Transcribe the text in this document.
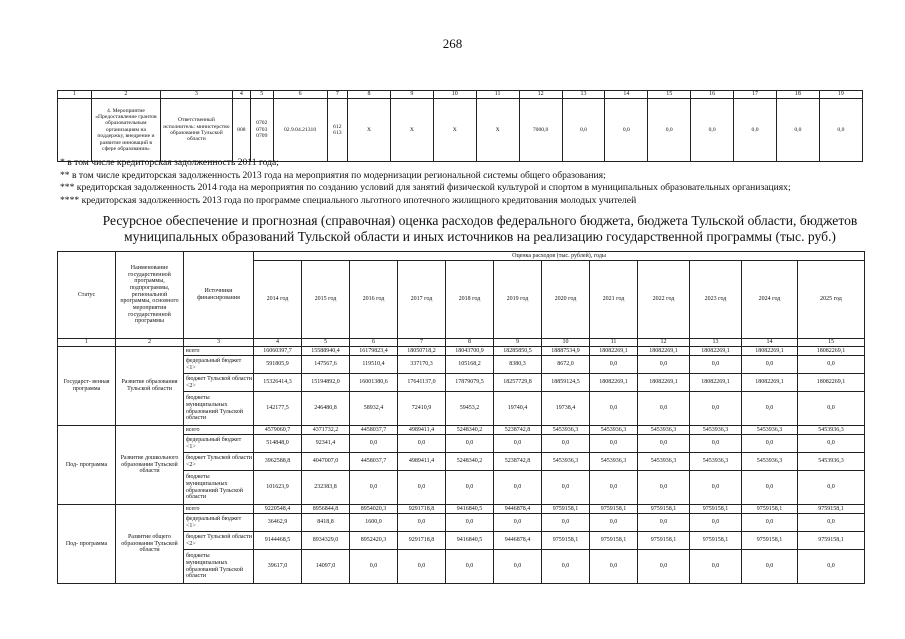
268
1	2	3	4	5	6	7	8	9	10	11	12	13	14	15	16	17	18	19
	4. Мероприятие «Предоставление грантов образовательным организациям на поддержку, внедрение и развитие инноваций в сфере образования»	Ответственный исполнитель: министерство образования Тульской области	808	0702 0703 0709	02.9.04.21310	612 613	X	X	X	X	7000,0	0,0	0,0	0,0	0,0	0,0	0,0	0,0
* в том числе кредиторская задолженность 2011 года;
** в том числе кредиторская задолженность 2013 года на мероприятия по модернизации региональной системы общего образования;
*** кредиторская задолженность 2014 года на мероприятия по созданию условий для занятий физической культурой и спортом в муниципальных образовательных организациях;
**** кредиторская задолженность 2013 года по программе специального льготного ипотечного жилищного кредитования молодых учителей
Ресурсное обеспечение и прогнозная (справочная) оценка расходов федерального бюджета, бюджета Тульской области, бюджетов муниципальных образований Тульской области и иных источников на реализацию государственной программы (тыс. руб.)
Статус	Наименование государственной программы, подпрограммы, региональной программы, основного мероприятия государственной программы	Источники финансирования	Оценка расходов (тыс. рублей), годы											
			2014 год	2015 год	2016 год	2017 год	2018 год	2019 год	2020 год	2021 год	2022 год	2023 год	2024 год	2025 год
1	2	3	4	5	6	7	8	9	10	11	12	13	14	15
Государст- венная программа	Развитие образования Тульской области	всего	16060397,7	15588940,4	16179823,4	18050718,2	18043700,9	18285850,5	18887534,9	18082269,1	18082269,1	18082269,1	18082269,1	18082269,1
		федеральный бюджет <1>	591805,9	147567,6	119510,4	337170,3	105168,2	8380,3	8672,0	0,0	0,0	0,0	0,0	0,0
		бюджет Тульской области <2>	15326414,3	15194892,0	16001380,6	17641137,0	17879079,5	18257729,8	18859124,5	18082269,1	18082269,1	18082269,1	18082269,1	18082269,1
		бюджеты муниципальных образований Тульской области	142177,5	246480,8	58932,4	72410,9	59453,2	19740,4	19738,4	0,0	0,0	0,0	0,0	0,0
Под- программа	Развитие дошкольного образования Тульской области	всего	4579060,7	4371732,2	4458037,7	4989411,4	5248340,2	5238742,8	5453936,3	5453936,3	5453936,3	5453936,3	5453936,3	5453936,3
		федеральный бюджет <1>	514848,0	92341,4	0,0	0,0	0,0	0,0	0,0	0,0	0,0	0,0	0,0	0,0
		бюджет Тульской области <2>	3962588,8	4047007,0	4458037,7	4989411,4	5248340,2	5238742,8	5453936,3	5453936,3	5453936,3	5453936,3	5453936,3	5453936,3
		бюджеты муниципальных образований Тульской области	101623,9	232383,8	0,0	0,0	0,0	0,0	0,0	0,0	0,0	0,0	0,0	0,0
Под- программа	Развитие общего образования Тульской области	всего	9220548,4	8956844,8	8954020,3	9291718,8	9416840,5	9446878,4	9759158,1	9759158,1	9759158,1	9759158,1	9759158,1	9759158,1
		федеральный бюджет <1>	36462,9	8418,8	1600,0	0,0	0,0	0,0	0,0	0,0	0,0	0,0	0,0	0,0
		бюджет Тульской области <2>	9144468,5	8934329,0	8952420,3	9291718,8	9416840,5	9446878,4	9759158,1	9759158,1	9759158,1	9759158,1	9759158,1	9759158,1
		бюджеты муниципальных образований Тульской области	39617,0	14097,0	0,0	0,0	0,0	0,0	0,0	0,0	0,0	0,0	0,0	0,0
